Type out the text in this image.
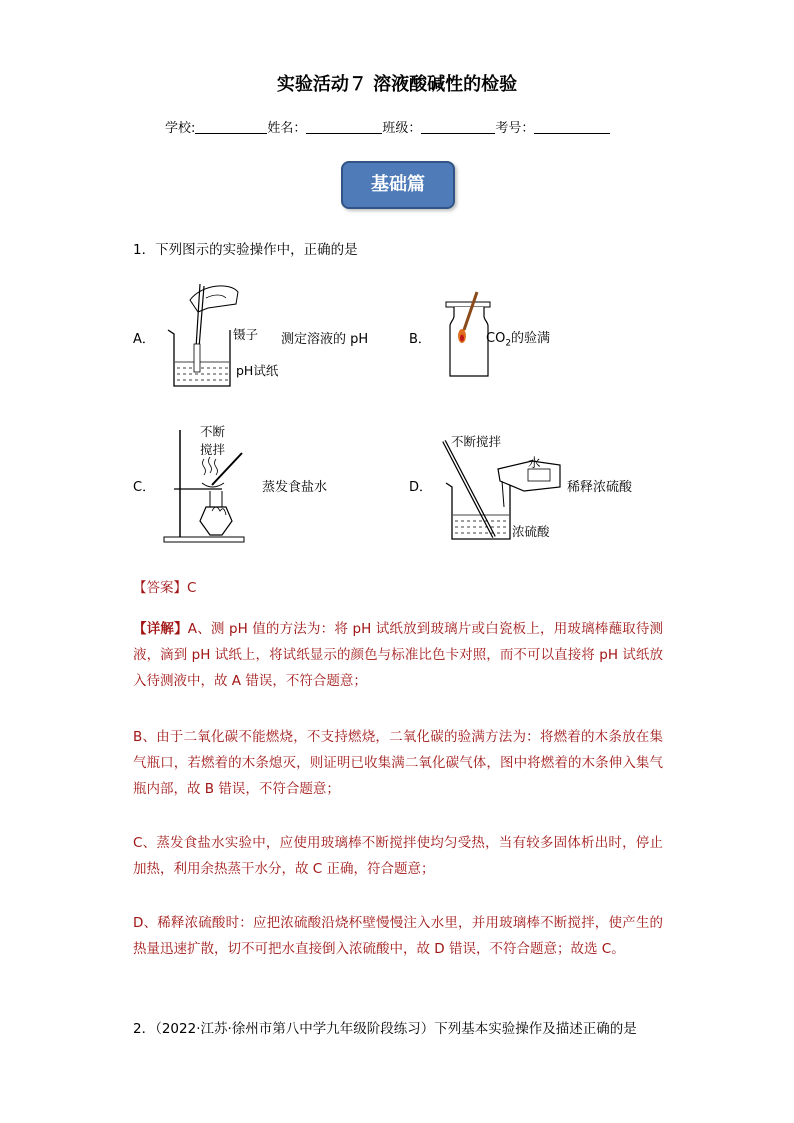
实验活动７ 溶液酸碱性的检验
学校:	姓名：	班级：	考号：
基础篇
1．下列图示的实验操作中，正确的是
A．	镊子
pH试纸
测定溶液的 pH	B．	$CO_2$的验满
C．
不断
搅拌
蒸发食盐水	D．
不断搅拌
水
稀释浓硫酸
浓硫酸
【答案】C
【详解】A、测 pH 值的方法为：将 pH 试纸放到玻璃片或白瓷板上，用玻璃棒蘸取待测液，滴到 pH 试纸上，将试纸显示的颜色与标准比色卡对照，而不可以直接将 pH 试纸放入待测液中，故 A 错误，不符合题意；
B、由于二氧化碳不能燃烧，不支持燃烧，二氧化碳的验满方法为：将燃着的木条放在集气瓶口，若燃着的木条熄灭，则证明已收集满二氧化碳气体，图中将燃着的木条伸入集气瓶内部，故 B 错误，不符合题意；
C、蒸发食盐水实验中，应使用玻璃棒不断搅拌使均匀受热，当有较多固体析出时，停止加热，利用余热蒸干水分，故 C 正确，符合题意；
D、稀释浓硫酸时：应把浓硫酸沿烧杯壁慢慢注入水里，并用玻璃棒不断搅拌，使产生的热量迅速扩散，切不可把水直接倒入浓硫酸中，故 D 错误，不符合题意；故选 C。
2．（2022·江苏·徐州市第八中学九年级阶段练习）下列基本实验操作及描述正确的是
